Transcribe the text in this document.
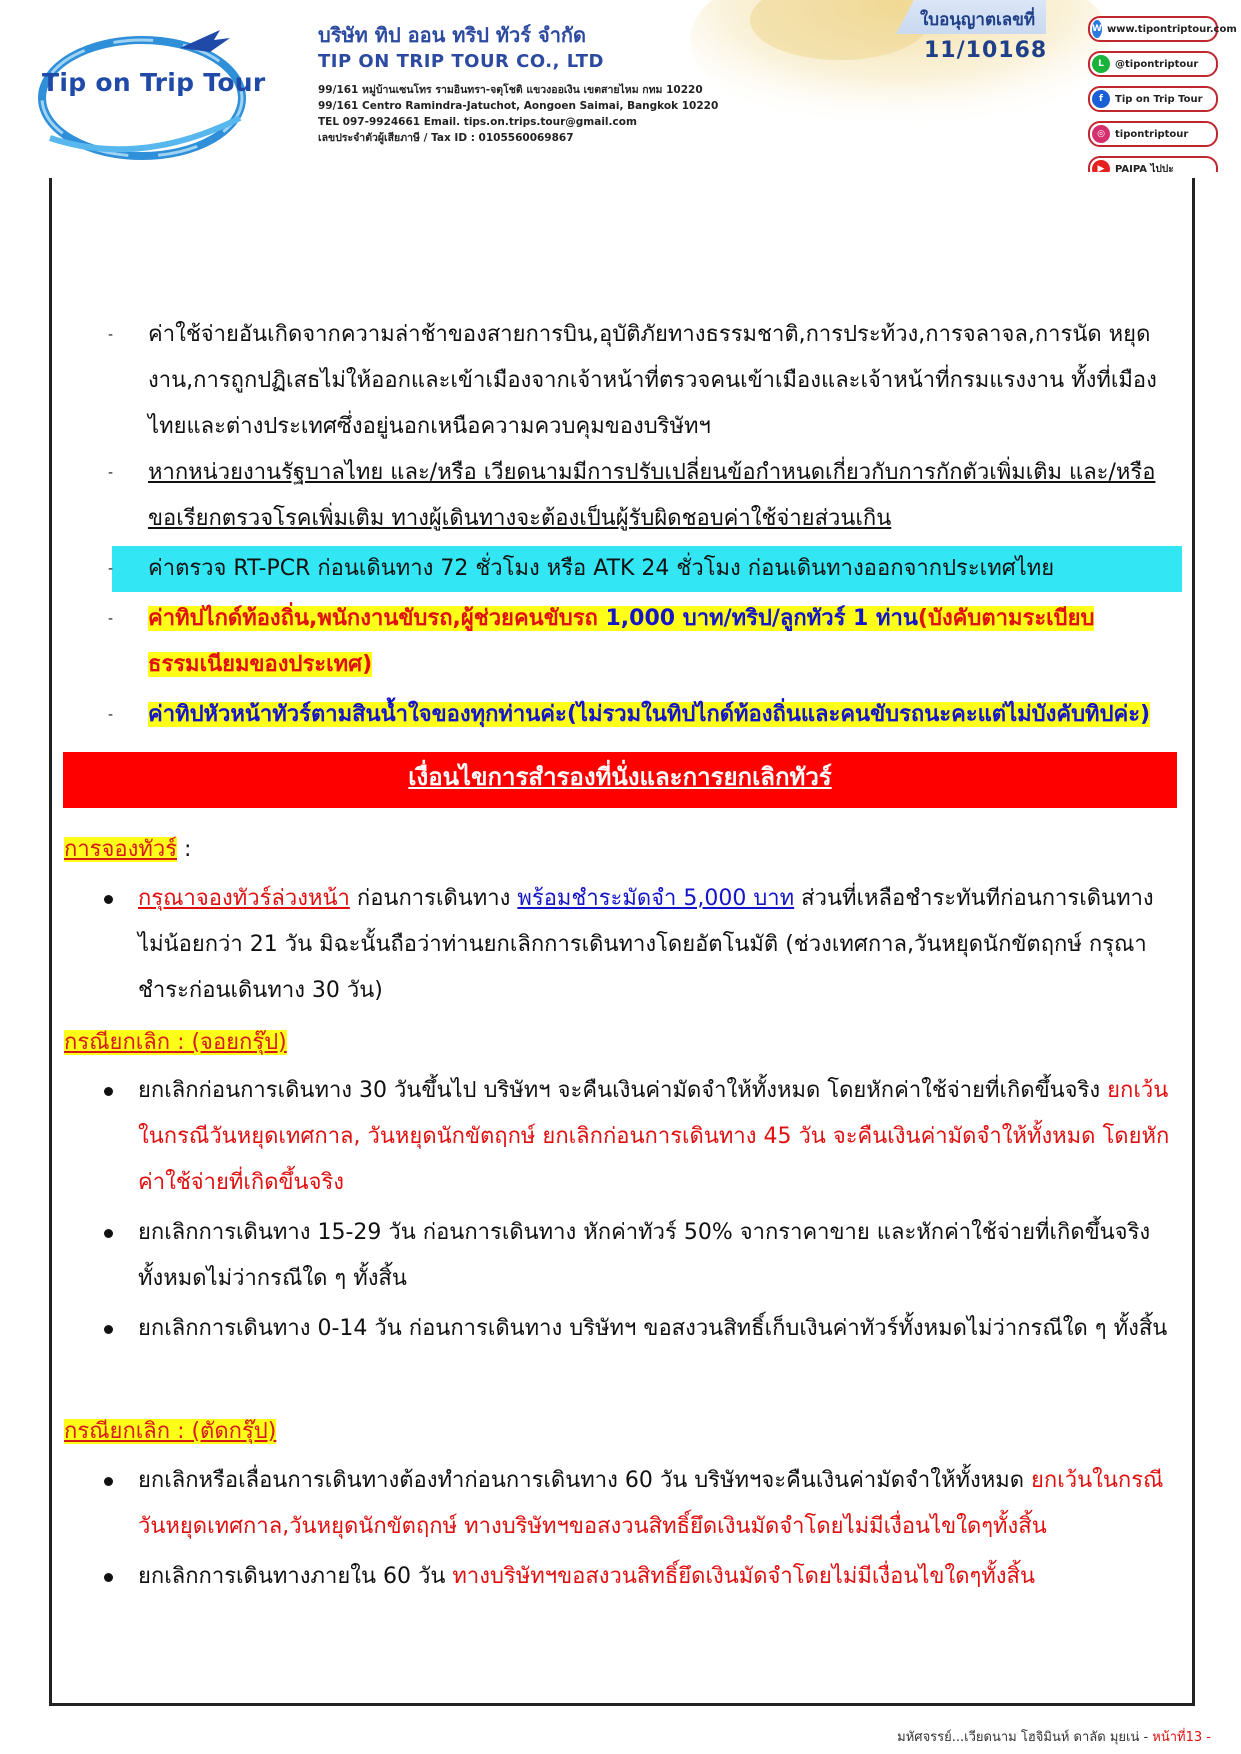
Tip on Trip Tour

บริษัท ทิป ออน ทริป ทัวร์ จำกัด

TIP ON TRIP TOUR CO., LTD

99/161 หมู่บ้านเซนโทร รามอินทรา-จตุโชติ แขวงออเงิน เขตสายไหม กทม 10220

99/161 Centro Ramindra-Jatuchot, Aongoen Saimai, Bangkok 10220

TEL 097-9924661 Email. tips.on.trips.tour@gmail.com

เลขประจำตัวผู้เสียภาษี / Tax ID : 0105560069867

ใบอนุญาตเลขที่
11/10168
W www.tipontriptour.com
L	@tipontriptour
f	Tip on Trip Tour
◎	tipontriptour
▶	PAIPA ไปปะ
- ค่าใช้จ่ายอันเกิดจากความล่าช้าของสายการบิน,อุบัติภัยทางธรรมชาติ,การประท้วง,การจลาจล,การนัด หยุดงาน,การถูกปฏิเสธไม่ให้ออกและเข้าเมืองจากเจ้าหน้าที่ตรวจคนเข้าเมืองและเจ้าหน้าที่กรมแรงงาน ทั้งที่เมืองไทยและต่างประเทศซึ่งอยู่นอกเหนือความควบคุมของบริษัทฯ
- หากหน่วยงานรัฐบาลไทย และ/หรือ เวียดนามมีการปรับเปลี่ยนข้อกำหนดเกี่ยวกับการกักตัวเพิ่มเติม และ/หรือ ขอเรียกตรวจโรคเพิ่มเติม ทางผู้เดินทางจะต้องเป็นผู้รับผิดชอบค่าใช้จ่ายส่วนเกิน
- ค่าตรวจ RT-PCR ก่อนเดินทาง 72 ชั่วโมง หรือ ATK 24 ชั่วโมง ก่อนเดินทางออกจากประเทศไทย
- ค่าทิปไกด์ท้องถิ่น,พนักงานขับรถ,ผู้ช่วยคนขับรถ 1,000 บาท/ทริป/ลูกทัวร์ 1 ท่าน(บังคับตามระเบียบธรรมเนียมของประเทศ)
- ค่าทิปหัวหน้าทัวร์ตามสินน้ำใจของทุกท่านค่ะ(ไม่รวมในทิปไกด์ท้องถิ่นและคนขับรถนะคะแต่ไม่บังคับทิปค่ะ)
เงื่อนไขการสำรองที่นั่งและการยกเลิกทัวร์
การจองทัวร์ :

กรุณาจองทัวร์ล่วงหน้า ก่อนการเดินทาง พร้อมชำระมัดจำ 5,000 บาท ส่วนที่เหลือชำระทันทีก่อนการเดินทางไม่น้อยกว่า 21 วัน มิฉะนั้นถือว่าท่านยกเลิกการเดินทางโดยอัตโนมัติ (ช่วงเทศกาล,วันหยุดนักขัตฤกษ์ กรุณาชำระก่อนเดินทาง 30 วัน)

กรณียกเลิก : (จอยกรุ๊ป)

ยกเลิกก่อนการเดินทาง 30 วันขึ้นไป บริษัทฯ จะคืนเงินค่ามัดจำให้ทั้งหมด โดยหักค่าใช้จ่ายที่เกิดขึ้นจริง ยกเว้นในกรณีวันหยุดเทศกาล, วันหยุดนักขัตฤกษ์ ยกเลิกก่อนการเดินทาง 45 วัน จะคืนเงินค่ามัดจำให้ทั้งหมด โดยหักค่าใช้จ่ายที่เกิดขึ้นจริง

ยกเลิกการเดินทาง 15-29 วัน ก่อนการเดินทาง หักค่าทัวร์ 50% จากราคาขาย และหักค่าใช้จ่ายที่เกิดขึ้นจริงทั้งหมดไม่ว่ากรณีใด ๆ ทั้งสิ้น

ยกเลิกการเดินทาง 0-14 วัน ก่อนการเดินทาง บริษัทฯ ขอสงวนสิทธิ์เก็บเงินค่าทัวร์ทั้งหมดไม่ว่ากรณีใด ๆ ทั้งสิ้น

กรณียกเลิก : (ตัดกรุ๊ป)

ยกเลิกหรือเลื่อนการเดินทางต้องทำก่อนการเดินทาง 60 วัน บริษัทฯจะคืนเงินค่ามัดจำให้ทั้งหมด ยกเว้นในกรณีวันหยุดเทศกาล,วันหยุดนักขัตฤกษ์ ทางบริษัทฯขอสงวนสิทธิ์ยึดเงินมัดจำโดยไม่มีเงื่อนไขใดๆทั้งสิ้น

ยกเลิกการเดินทางภายใน 60 วัน ทางบริษัทฯขอสงวนสิทธิ์ยึดเงินมัดจำโดยไม่มีเงื่อนไขใดๆทั้งสิ้น

มหัศจรรย์...เวียดนาม โฮจิมินห์ ดาลัด มุยเน่ - หน้าที่13 -
